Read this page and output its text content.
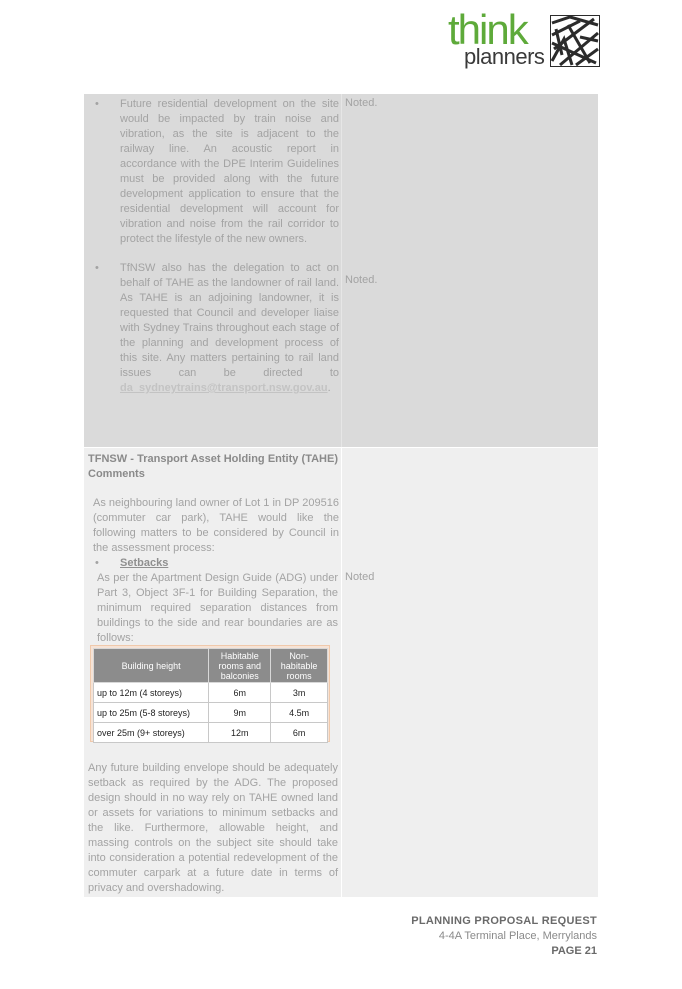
think
planners
• Future residential development on the site would be impacted by train noise and vibration, as the site is adjacent to the railway line. An acoustic report in accordance with the DPE Interim Guidelines must be provided along with the future development application to ensure that the residential development will account for vibration and noise from the rail corridor to protect the lifestyle of the new owners.
Noted.
• TfNSW also has the delegation to act on behalf of TAHE as the landowner of rail land. As TAHE is an adjoining landowner, it is requested that Council and developer liaise with Sydney Trains throughout each stage of the planning and development process of this site. Any matters pertaining to rail land issues can be directed to da_sydneytrains@transport.nsw.gov.au.
Noted.
TFNSW - Transport Asset Holding Entity (TAHE) Comments
As neighbouring land owner of Lot 1 in DP 209516 (commuter car park), TAHE would like the following matters to be considered by Council in the assessment process:
• Setbacks
As per the Apartment Design Guide (ADG) under Part 3, Object 3F-1 for Building Separation, the minimum required separation distances from buildings to the side and rear boundaries are as follows:
Noted
Building height	Habitable rooms and balconies	Non-habitable rooms
up to 12m (4 storeys)	6m	3m
up to 25m (5-8 storeys)	9m	4.5m
over 25m (9+ storeys)	12m	6m
Any future building envelope should be adequately setback as required by the ADG. The proposed design should in no way rely on TAHE owned land or assets for variations to minimum setbacks and the like. Furthermore, allowable height, and massing controls on the subject site should take into consideration a potential redevelopment of the commuter carpark at a future date in terms of privacy and overshadowing.
PLANNING PROPOSAL REQUEST
4-4A Terminal Place, Merrylands
PAGE 21
